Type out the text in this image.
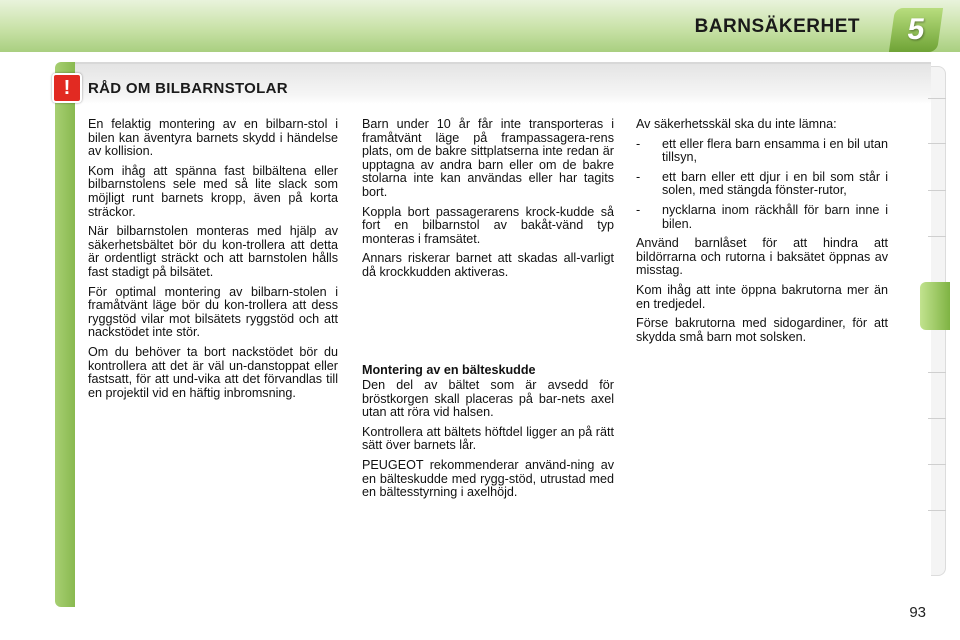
BARNSÄKERHET	5
!	RÅD OM BILBARNSTOLAR

En felaktig montering av en bilbarn-stol i bilen kan äventyra barnets skydd i händelse av kollision.

Kom ihåg att spänna fast bilbältena eller bilbarnstolens sele med så lite slack som möjligt runt barnets kropp, även på korta sträckor.

När bilbarnstolen monteras med hjälp av säkerhetsbältet bör du kon-trollera att detta är ordentligt sträckt och att barnstolen hålls fast stadigt på bilsätet.

För optimal montering av bilbarn-stolen i framåtvänt läge bör du kon-trollera att dess ryggstöd vilar mot bilsätets ryggstöd och att nackstödet inte stör.

Om du behöver ta bort nackstödet bör du kontrollera att det är väl un-danstoppat eller fastsatt, för att und-vika att det förvandlas till en projektil vid en häftig inbromsning.

Barn under 10 år får inte transporteras i framåtvänt läge på frampassagera-rens plats, om de bakre sittplatserna inte redan är upptagna av andra barn eller om de bakre stolarna inte kan användas eller har tagits bort.

Koppla bort passagerarens krock-kudde så fort en bilbarnstol av bakåt-vänd typ monteras i framsätet.

Annars riskerar barnet att skadas all-varligt då krockkudden aktiveras.

Montering av en bälteskudde

Den del av bältet som är avsedd för bröstkorgen skall placeras på bar-nets axel utan att röra vid halsen.

Kontrollera att bältets höftdel ligger an på rätt sätt över barnets lår.

PEUGEOT rekommenderar använd-ning av en bälteskudde med rygg-stöd, utrustad med en bältesstyrning i axelhöjd.

Av säkerhetsskäl ska du inte lämna:

-	ett eller flera barn ensamma i en bil utan tillsyn,
-	ett barn eller ett djur i en bil som står i solen, med stängda fönster-rutor,
-	nycklarna inom räckhåll för barn inne i bilen.

Använd barnlåset för att hindra att bildörrarna och rutorna i baksätet öppnas av misstag.

Kom ihåg att inte öppna bakrutorna mer än en tredjedel.

Förse bakrutorna med sidogardiner, för att skydda små barn mot solsken.

93
